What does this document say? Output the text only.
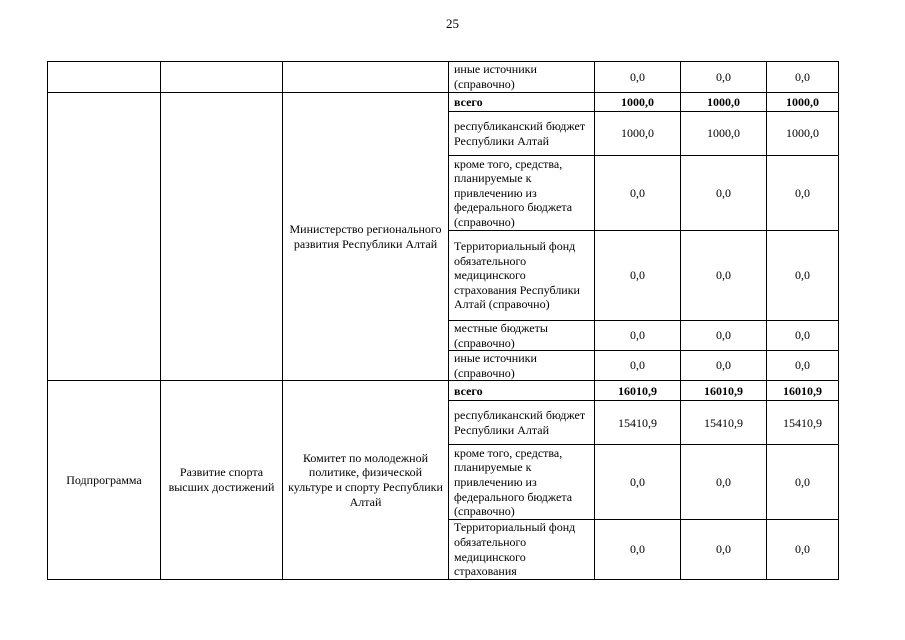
25
			иные источники (справочно)	0,0	0,0	0,0
		Министерство регионального развития Республики Алтай	всего	1000,0	1000,0	1000,0
			республиканский бюджет Республики Алтай	1000,0	1000,0	1000,0
			кроме того, средства, планируемые к привлечению из федерального бюджета (справочно)	0,0	0,0	0,0
			Территориальный фонд обязательного медицинского страхования Республики Алтай (справочно)	0,0	0,0	0,0
			местные бюджеты (справочно)	0,0	0,0	0,0
			иные источники (справочно)	0,0	0,0	0,0
Подпрограмма	Развитие спорта высших достижений	Комитет по молодежной политике, физической культуре и спорту Республики Алтай	всего	16010,9	16010,9	16010,9
			республиканский бюджет Республики Алтай	15410,9	15410,9	15410,9
			кроме того, средства, планируемые к привлечению из федерального бюджета (справочно)	0,0	0,0	0,0
			Территориальный фонд обязательного медицинского страхования	0,0	0,0	0,0
